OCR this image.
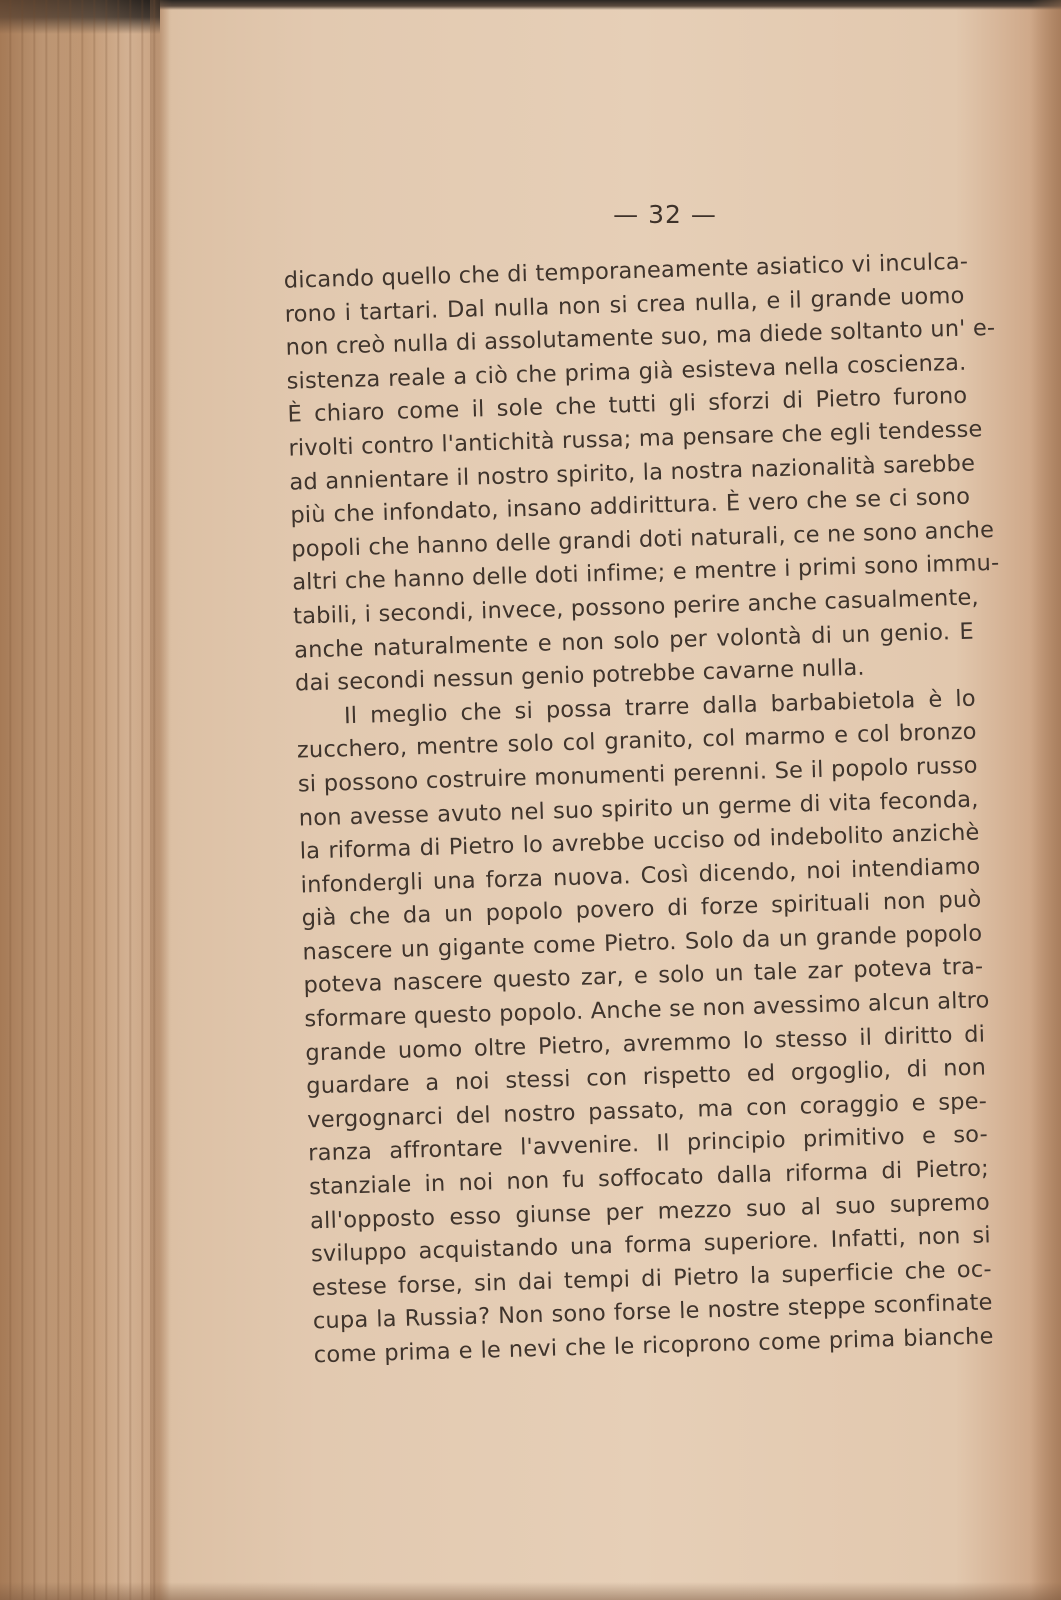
— 32 —
dicando quello che di temporaneamente asiatico vi inculca-
rono i tartari. Dal nulla non si crea nulla, e il grande uomo
non creò nulla di assolutamente suo, ma diede soltanto un' e-
sistenza reale a ciò che prima già esisteva nella coscienza.
È chiaro come il sole che tutti gli sforzi di Pietro furono
rivolti contro l'antichità russa; ma pensare che egli tendesse
ad annientare il nostro spirito, la nostra nazionalità sarebbe
più che infondato, insano addirittura. È vero che se ci sono
popoli che hanno delle grandi doti naturali, ce ne sono anche
altri che hanno delle doti infime; e mentre i primi sono immu-
tabili, i secondi, invece, possono perire anche casualmente,
anche naturalmente e non solo per volontà di un genio. E
dai secondi nessun genio potrebbe cavarne nulla.
Il meglio che si possa trarre dalla barbabietola è lo
zucchero, mentre solo col granito, col marmo e col bronzo
si possono costruire monumenti perenni. Se il popolo russo
non avesse avuto nel suo spirito un germe di vita feconda,
la riforma di Pietro lo avrebbe ucciso od indebolito anzichè
infondergli una forza nuova. Così dicendo, noi intendiamo
già che da un popolo povero di forze spirituali non può
nascere un gigante come Pietro. Solo da un grande popolo
poteva nascere questo zar, e solo un tale zar poteva tra-
sformare questo popolo. Anche se non avessimo alcun altro
grande uomo oltre Pietro, avremmo lo stesso il diritto di
guardare a noi stessi con rispetto ed orgoglio, di non
vergognarci del nostro passato, ma con coraggio e spe-
ranza affrontare l'avvenire. Il principio primitivo e so-
stanziale in noi non fu soffocato dalla riforma di Pietro;
all'opposto esso giunse per mezzo suo al suo supremo
sviluppo acquistando una forma superiore. Infatti, non si
estese forse, sin dai tempi di Pietro la superficie che oc-
cupa la Russia? Non sono forse le nostre steppe sconfinate
come prima e le nevi che le ricoprono come prima bianche
